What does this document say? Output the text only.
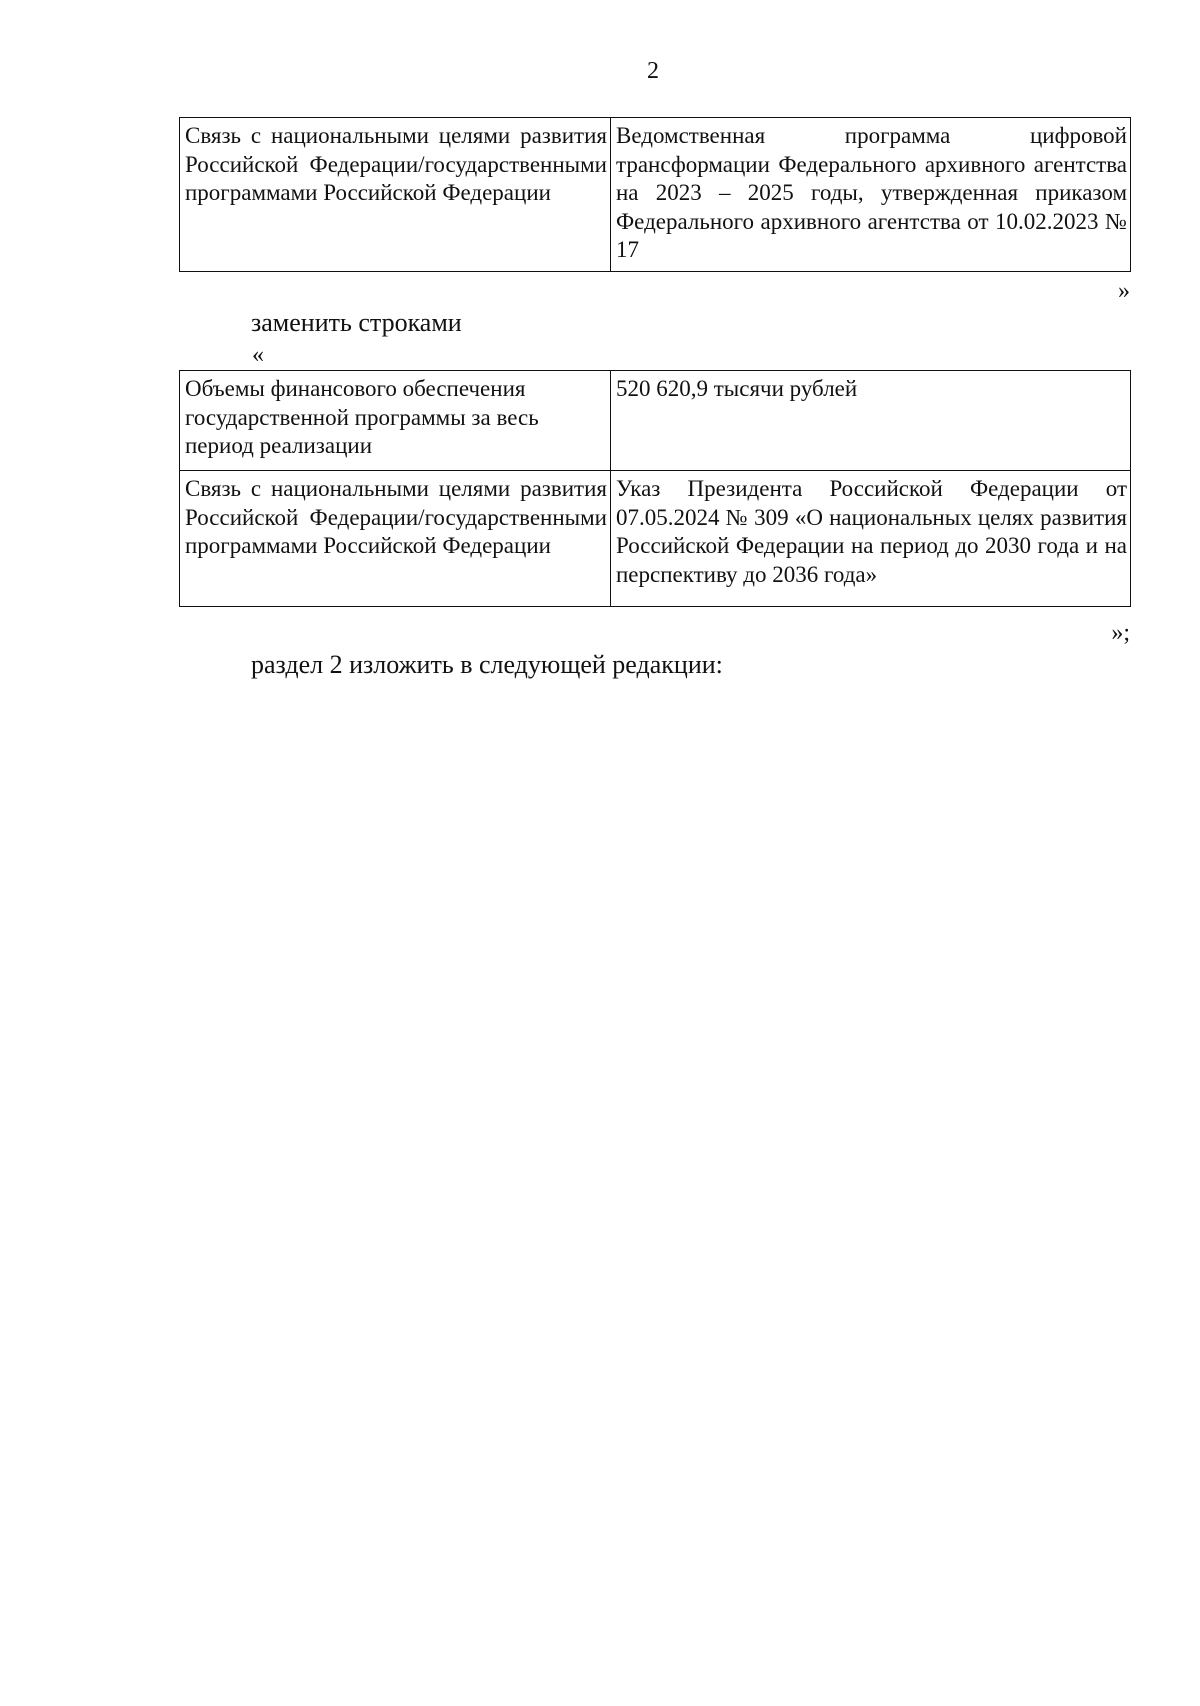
2
Связь с национальными целями развития Российской Федерации/государственными программами Российской Федерации	Ведомственная программа цифровой трансформации Федерального архивного агентства на 2023 – 2025 годы, утвержденная приказом Федерального архивного агентства от 10.02.2023 № 17
»
заменить строками
«
Объемы финансового обеспечения государственной программы за весь период реализации	520 620,9 тысячи рублей
Связь с национальными целями развития Российской Федерации/государственными программами Российской Федерации	Указ Президента Российской Федерации от 07.05.2024 № 309 «О национальных целях развития Российской Федерации на период до 2030 года и на перспективу до 2036 года»
»;
раздел 2 изложить в следующей редакции:
